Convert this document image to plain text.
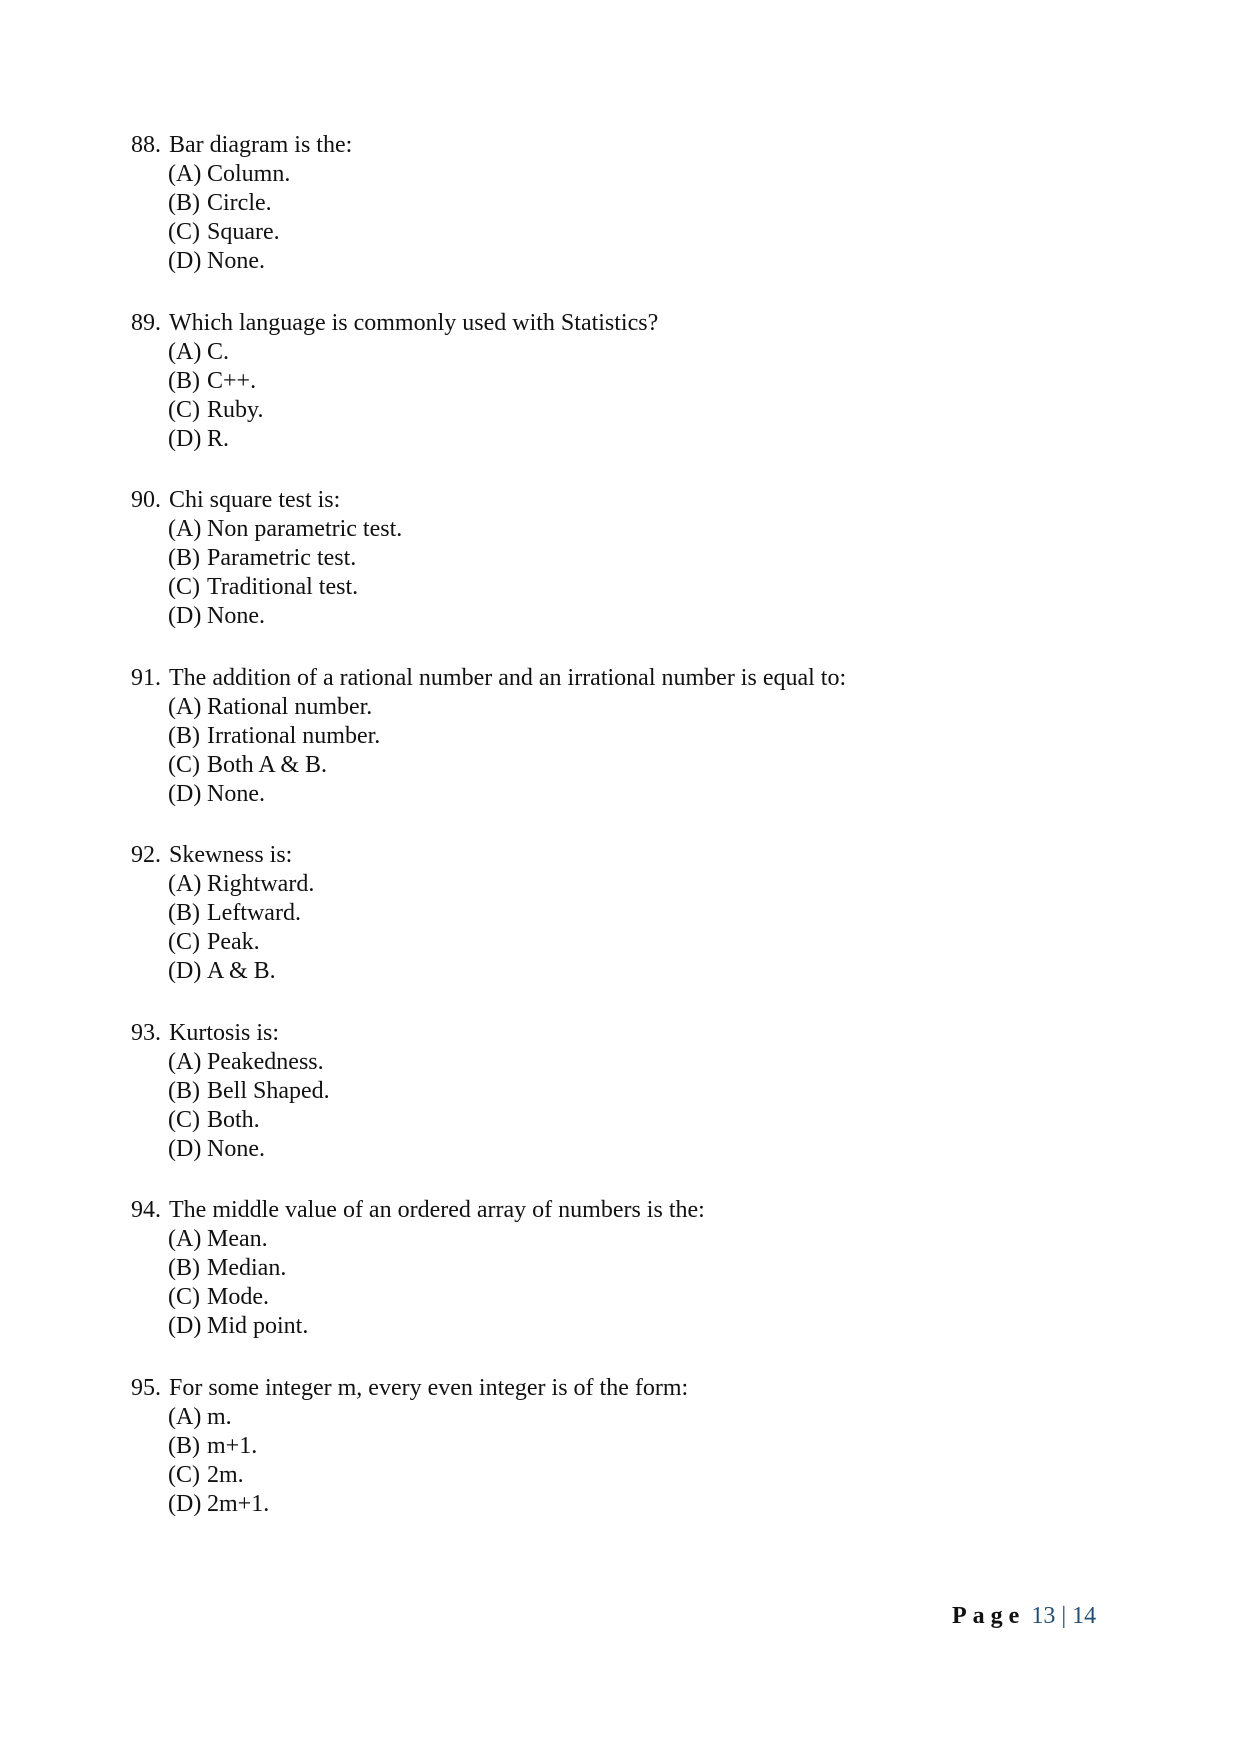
88. Bar diagram is the:
(A) Column.
(B) Circle.
(C) Square.
(D) None.
89. Which language is commonly used with Statistics?
(A) C.
(B) C++.
(C) Ruby.
(D) R.
90. Chi square test is:
(A) Non parametric test.
(B) Parametric test.
(C) Traditional test.
(D) None.
91. The addition of a rational number and an irrational number is equal to:
(A) Rational number.
(B) Irrational number.
(C) Both A & B.
(D) None.
92. Skewness is:
(A) Rightward.
(B) Leftward.
(C) Peak.
(D) A & B.
93. Kurtosis is:
(A) Peakedness.
(B) Bell Shaped.
(C) Both.
(D) None.
94. The middle value of an ordered array of numbers is the:
(A) Mean.
(B) Median.
(C) Mode.
(D) Mid point.
95. For some integer m, every even integer is of the form:
(A) m.
(B) m+1.
(C) 2m.
(D) 2m+1.
Page 13 | 14
